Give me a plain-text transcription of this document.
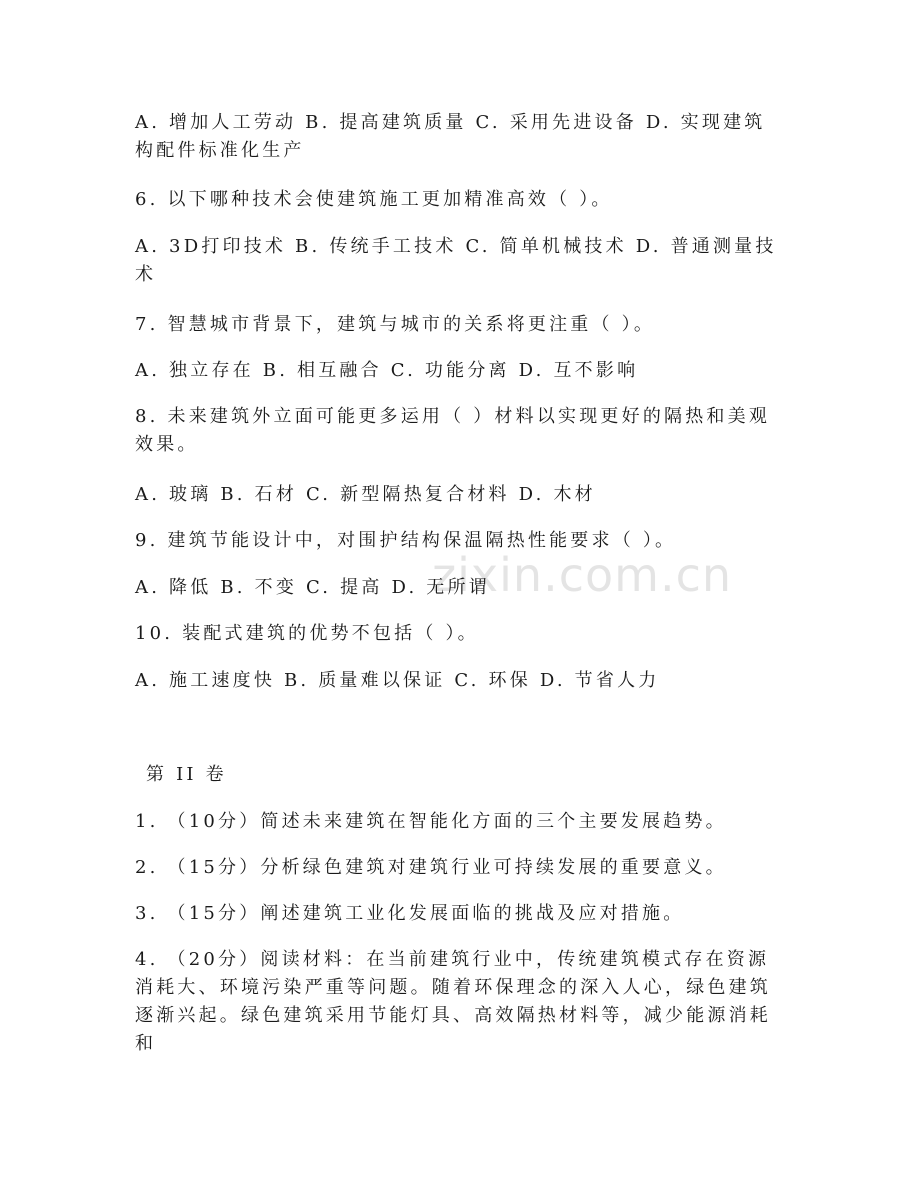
zixin.com.cn
A. 增加人工劳动 B. 提高建筑质量 C. 采用先进设备 D. 实现建筑构配件标准化生产
6. 以下哪种技术会使建筑施工更加精准高效（ ）。
A. 3D打印技术 B. 传统手工技术 C. 简单机械技术 D. 普通测量技术
7. 智慧城市背景下，建筑与城市的关系将更注重（ ）。
A. 独立存在 B. 相互融合 C. 功能分离 D. 互不影响
8. 未来建筑外立面可能更多运用（ ）材料以实现更好的隔热和美观效果。
A. 玻璃 B. 石材 C. 新型隔热复合材料 D. 木材
9. 建筑节能设计中，对围护结构保温隔热性能要求（ ）。
A. 降低 B. 不变 C. 提高 D. 无所谓
10. 装配式建筑的优势不包括（ ）。
A. 施工速度快 B. 质量难以保证 C. 环保 D. 节省人力
第 II 卷
1. （10分）简述未来建筑在智能化方面的三个主要发展趋势。
2. （15分）分析绿色建筑对建筑行业可持续发展的重要意义。
3. （15分）阐述建筑工业化发展面临的挑战及应对措施。
4. （20分）阅读材料：在当前建筑行业中，传统建筑模式存在资源消耗大、环境污染严重等问题。随着环保理念的深入人心，绿色建筑逐渐兴起。绿色建筑采用节能灯具、高效隔热材料等，减少能源消耗和
